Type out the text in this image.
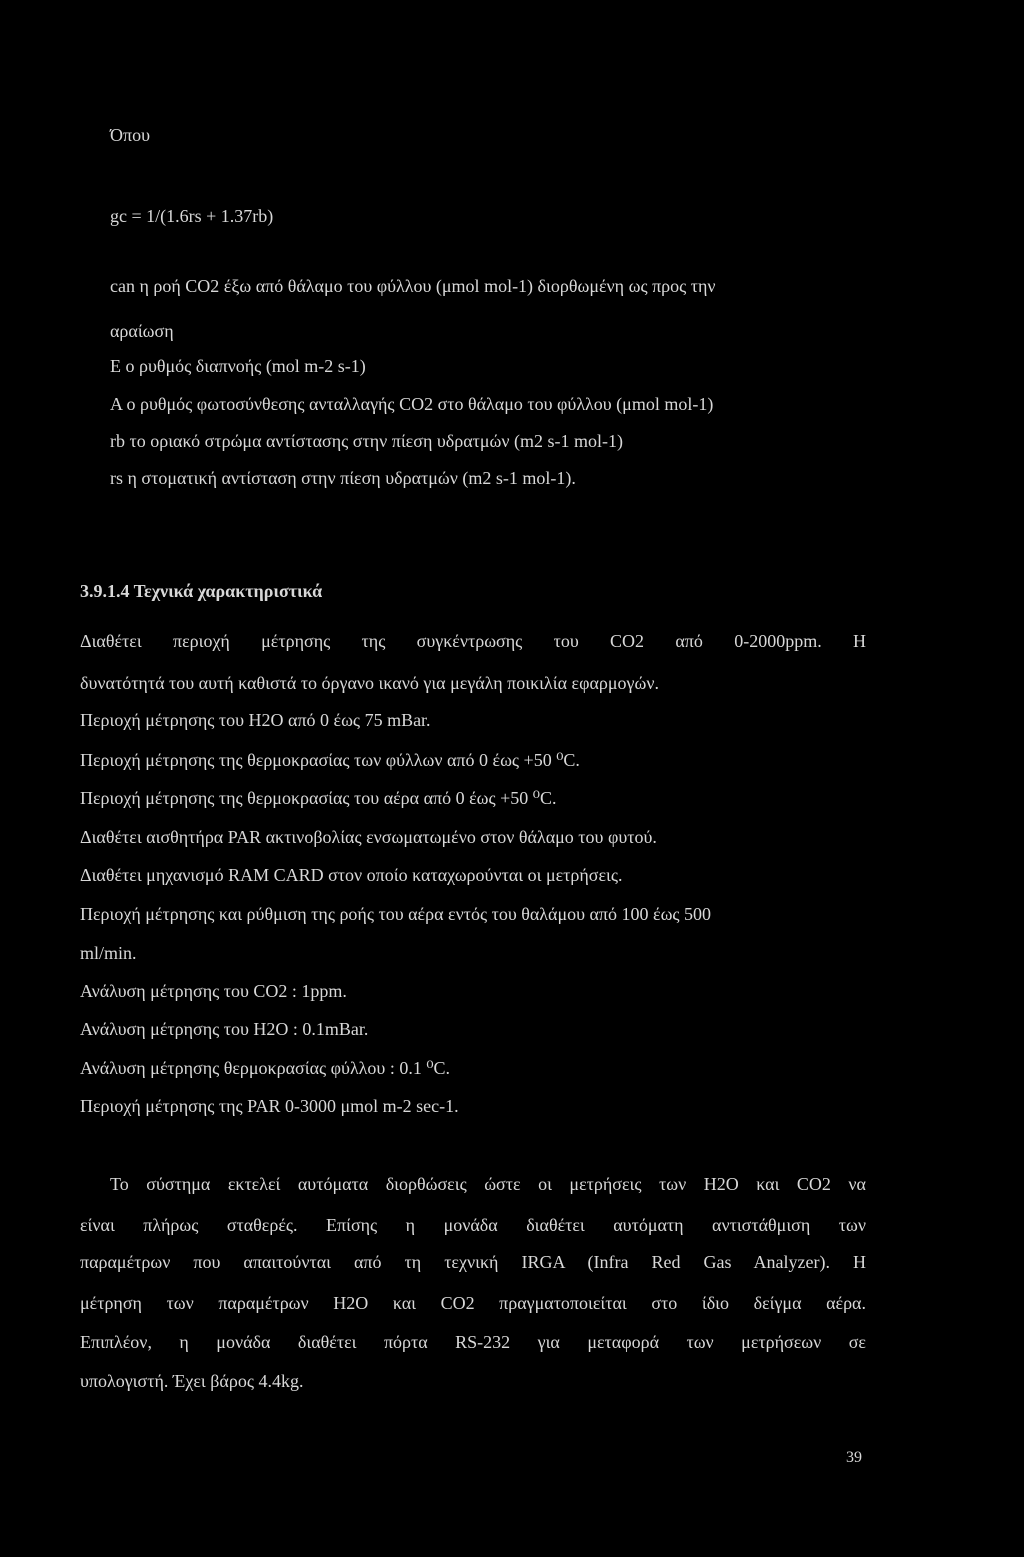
Όπου
gc = 1/(1.6rs + 1.37rb)
can η ροή CO2 έξω από θάλαμο του φύλλου (μmol mol-1) διορθωμένη ως προς την
αραίωση
E ο ρυθμός διαπνοής (mol m-2 s-1)
A ο ρυθμός φωτοσύνθεσης ανταλλαγής CO2 στο θάλαμο του φύλλου (μmol mol-1)
rb το οριακό στρώμα αντίστασης στην πίεση υδρατμών (m2 s-1 mol-1)
rs η στοματική αντίσταση στην πίεση υδρατμών (m2 s-1 mol-1).
3.9.1.4 Τεχνικά χαρακτηριστικά
Διαθέτει περιοχή μέτρησης της συγκέντρωσης του CO2 από 0-2000ppm. Η
δυνατότητά του αυτή καθιστά το όργανο ικανό για μεγάλη ποικιλία εφαρμογών.
Περιοχή μέτρησης του H2O από 0 έως 75 mBar.
Περιοχή μέτρησης της θερμοκρασίας των φύλλων από 0 έως +50 ⁰C.
Περιοχή μέτρησης της θερμοκρασίας του αέρα από 0 έως +50 ⁰C.
Διαθέτει αισθητήρα PAR ακτινοβολίας ενσωματωμένο στον θάλαμο του φυτού.
Διαθέτει μηχανισμό RAM CARD στον οποίο καταχωρούνται οι μετρήσεις.
Περιοχή μέτρησης και ρύθμιση της ροής του αέρα εντός του θαλάμου από 100 έως 500
ml/min.
Ανάλυση μέτρησης του CO2 : 1ppm.
Ανάλυση μέτρησης του H2O : 0.1mBar.
Ανάλυση μέτρησης θερμοκρασίας φύλλου : 0.1 ⁰C.
Περιοχή μέτρησης της PAR 0-3000 μmol m-2 sec-1.
Το σύστημα εκτελεί αυτόματα διορθώσεις ώστε οι μετρήσεις των H2O και CO2 να
είναι πλήρως σταθερές. Επίσης η μονάδα διαθέτει αυτόματη αντιστάθμιση των
παραμέτρων που απαιτούνται από τη τεχνική IRGA (Infra Red Gas Analyzer). Η
μέτρηση των παραμέτρων H2O και CO2 πραγματοποιείται στο ίδιο δείγμα αέρα.
Επιπλέον, η μονάδα διαθέτει πόρτα RS-232 για μεταφορά των μετρήσεων σε
υπολογιστή. Έχει βάρος 4.4kg.
39
